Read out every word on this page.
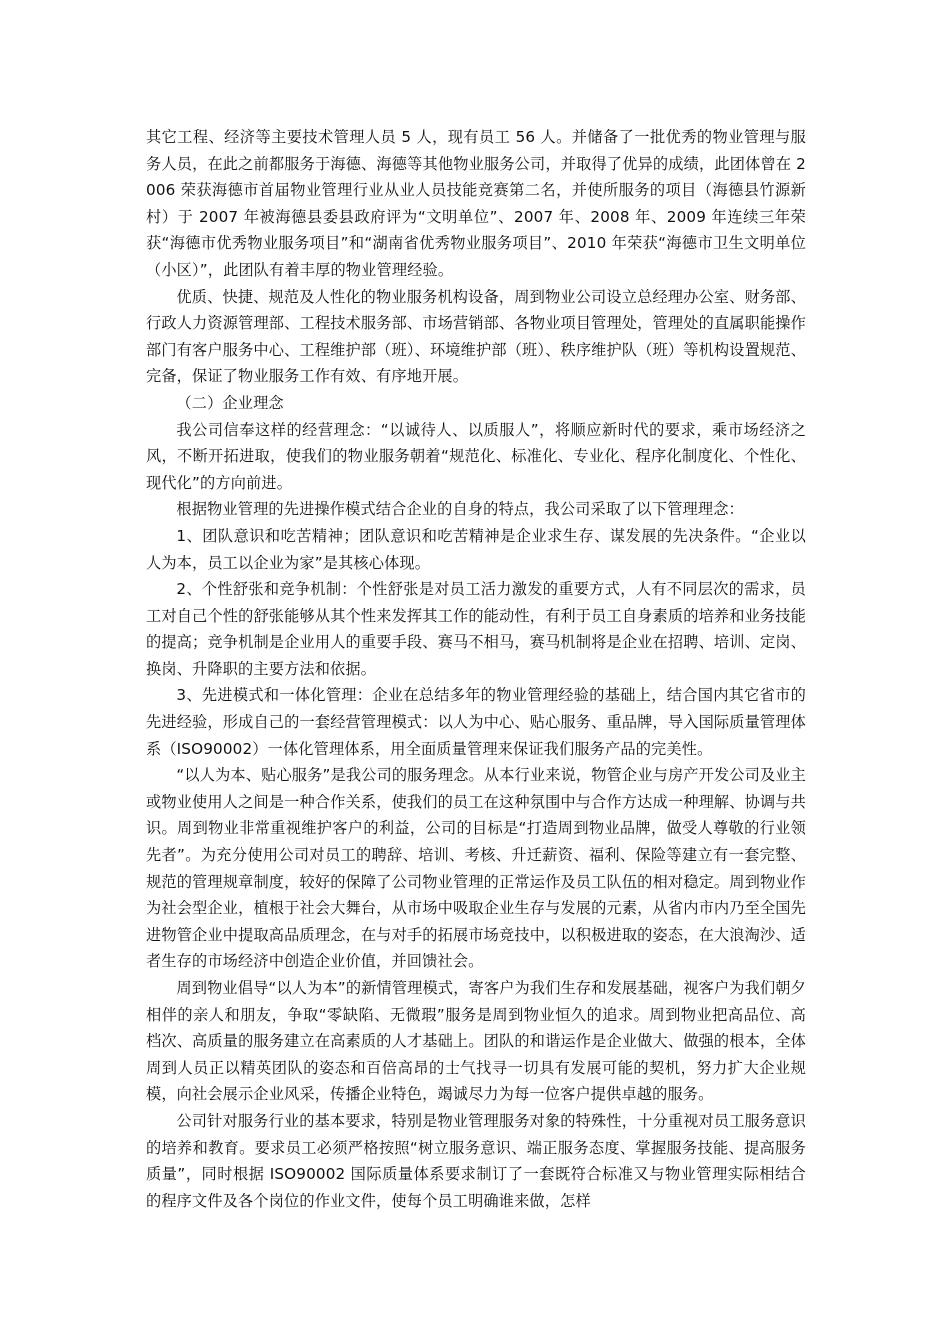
其它工程、经济等主要技术管理人员 5 人，现有员工 56 人。并储备了一批优秀的物业管理与服务人员，在此之前都服务于海德、海德等其他物业服务公司，并取得了优异的成绩，此团体曾在 2006 荣获海德市首届物业管理行业从业人员技能竞赛第二名，并使所服务的项目（海德县竹源新村）于 2007 年被海德县委县政府评为“文明单位”、2007 年、2008 年、2009 年连续三年荣获“海德市优秀物业服务项目”和“湖南省优秀物业服务项目”、2010 年荣获“海德市卫生文明单位（小区）”，此团队有着丰厚的物业管理经验。

优质、快捷、规范及人性化的物业服务机构设备，周到物业公司设立总经理办公室、财务部、行政人力资源管理部、工程技术服务部、市场营销部、各物业项目管理处，管理处的直属职能操作部门有客户服务中心、工程维护部（班）、环境维护部（班）、秩序维护队（班）等机构设置规范、完备，保证了物业服务工作有效、有序地开展。

（二）企业理念

我公司信奉这样的经营理念：“以诚待人、以质服人”，将顺应新时代的要求，乘市场经济之风，不断开拓进取，使我们的物业服务朝着“规范化、标准化、专业化、程序化制度化、个性化、现代化”的方向前进。

根据物业管理的先进操作模式结合企业的自身的特点，我公司采取了以下管理理念：

1、团队意识和吃苦精神；团队意识和吃苦精神是企业求生存、谋发展的先决条件。“企业以人为本，员工以企业为家”是其核心体现。

2、个性舒张和竞争机制：个性舒张是对员工活力激发的重要方式，人有不同层次的需求，员工对自己个性的舒张能够从其个性来发挥其工作的能动性，有利于员工自身素质的培养和业务技能的提高；竞争机制是企业用人的重要手段、赛马不相马，赛马机制将是企业在招聘、培训、定岗、换岗、升降职的主要方法和依据。

3、先进模式和一体化管理：企业在总结多年的物业管理经验的基础上，结合国内其它省市的先进经验，形成自己的一套经营管理模式：以人为中心、贴心服务、重品牌，导入国际质量管理体系（ISO90002）一体化管理体系，用全面质量管理来保证我们服务产品的完美性。

“以人为本、贴心服务”是我公司的服务理念。从本行业来说，物管企业与房产开发公司及业主或物业使用人之间是一种合作关系，使我们的员工在这种氛围中与合作方达成一种理解、协调与共识。周到物业非常重视维护客户的利益，公司的目标是“打造周到物业品牌，做受人尊敬的行业领先者”。为充分使用公司对员工的聘辞、培训、考核、升迁薪资、福利、保险等建立有一套完整、规范的管理规章制度，较好的保障了公司物业管理的正常运作及员工队伍的相对稳定。周到物业作为社会型企业，植根于社会大舞台，从市场中吸取企业生存与发展的元素，从省内市内乃至全国先进物管企业中提取高品质理念，在与对手的拓展市场竞技中，以积极进取的姿态，在大浪淘沙、适者生存的市场经济中创造企业价值，并回馈社会。

周到物业倡导“以人为本”的新情管理模式，寄客户为我们生存和发展基础，视客户为我们朝夕相伴的亲人和朋友，争取“零缺陷、无微瑕”服务是周到物业恒久的追求。周到物业把高品位、高档次、高质量的服务建立在高素质的人才基础上。团队的和谐运作是企业做大、做强的根本，全体周到人员正以精英团队的姿态和百倍高昂的士气找寻一切具有发展可能的契机，努力扩大企业规模，向社会展示企业风采，传播企业特色，竭诚尽力为每一位客户提供卓越的服务。

公司针对服务行业的基本要求，特别是物业管理服务对象的特殊性，十分重视对员工服务意识的培养和教育。要求员工必须严格按照“树立服务意识、端正服务态度、掌握服务技能、提高服务质量”，同时根据 ISO90002 国际质量体系要求制订了一套既符合标准又与物业管理实际相结合的程序文件及各个岗位的作业文件，使每个员工明确谁来做，怎样
